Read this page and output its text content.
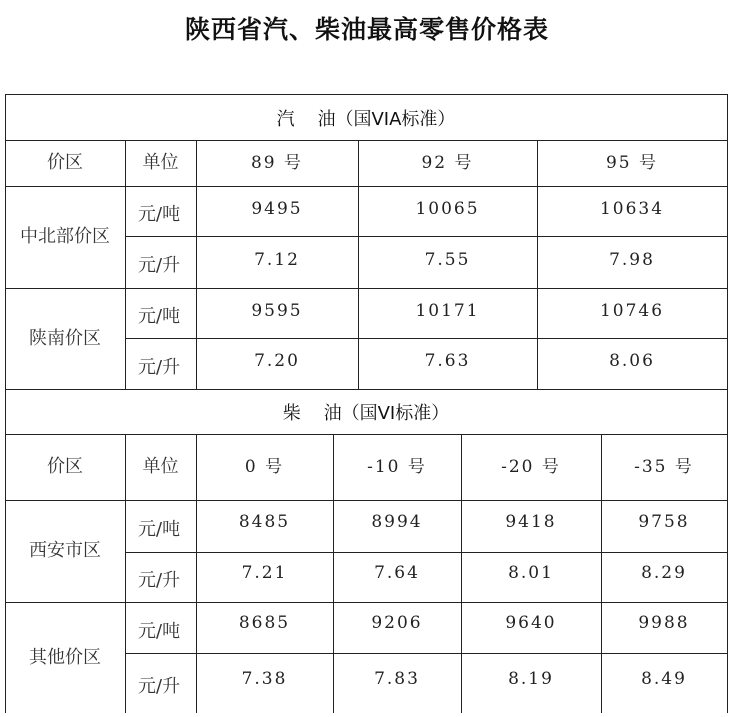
陕西省汽、柴油最高零售价格表
汽    油（国VIA标准）
价区	单位	89 号	92 号	95 号
中北部价区
元/吨	9495	10065	10634
元/升	7.12	7.55	7.98
陕南价区
元/吨	9595	10171	10746
元/升	7.20	7.63	8.06
柴    油（国VI标准）
价区	单位	0 号	-10 号	-20 号	-35 号
西安市区
元/吨	8485	8994	9418	9758
元/升	7.21	7.64	8.01	8.29
其他价区
元/吨	8685	9206	9640	9988
元/升	7.38	7.83	8.19	8.49
